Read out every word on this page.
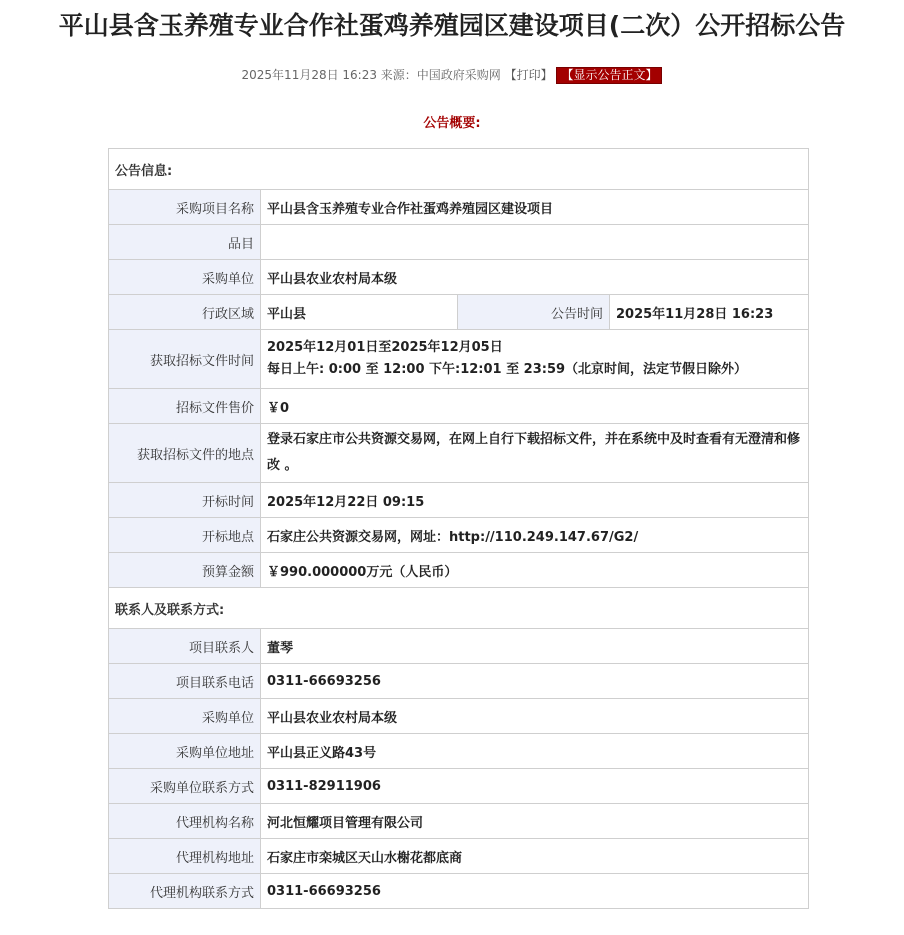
平山县含玉养殖专业合作社蛋鸡养殖园区建设项目(二次）公开招标公告
2025年11月28日 16:23 来源：中国政府采购网 【打印】 【显示公告正文】
公告概要:
公告信息:			
采购项目名称	平山县含玉养殖专业合作社蛋鸡养殖园区建设项目		
品目			
采购单位	平山县农业农村局本级		
行政区域	平山县	公告时间	2025年11月28日 16:23
获取招标文件时间	2025年12月01日至2025年12月05日
每日上午: 0:00 至 12:00 下午:12:01 至 23:59（北京时间，法定节假日除外）		

招标文件售价	￥0		
获取招标文件的地点	登录石家庄市公共资源交易网，在网上自行下载招标文件，并在系统中及时查看有无澄清和修改 。		
开标时间	2025年12月22日 09:15		
开标地点	石家庄公共资源交易网，网址：http://110.249.147.67/G2/		
预算金额	￥990.000000万元（人民币）		
联系人及联系方式:			
项目联系人	董琴		
项目联系电话	0311-66693256		
采购单位	平山县农业农村局本级		
采购单位地址	平山县正义路43号		
采购单位联系方式	0311-82911906		
代理机构名称	河北恒耀项目管理有限公司		
代理机构地址	石家庄市栾城区天山水榭花都底商		
代理机构联系方式	0311-66693256		
